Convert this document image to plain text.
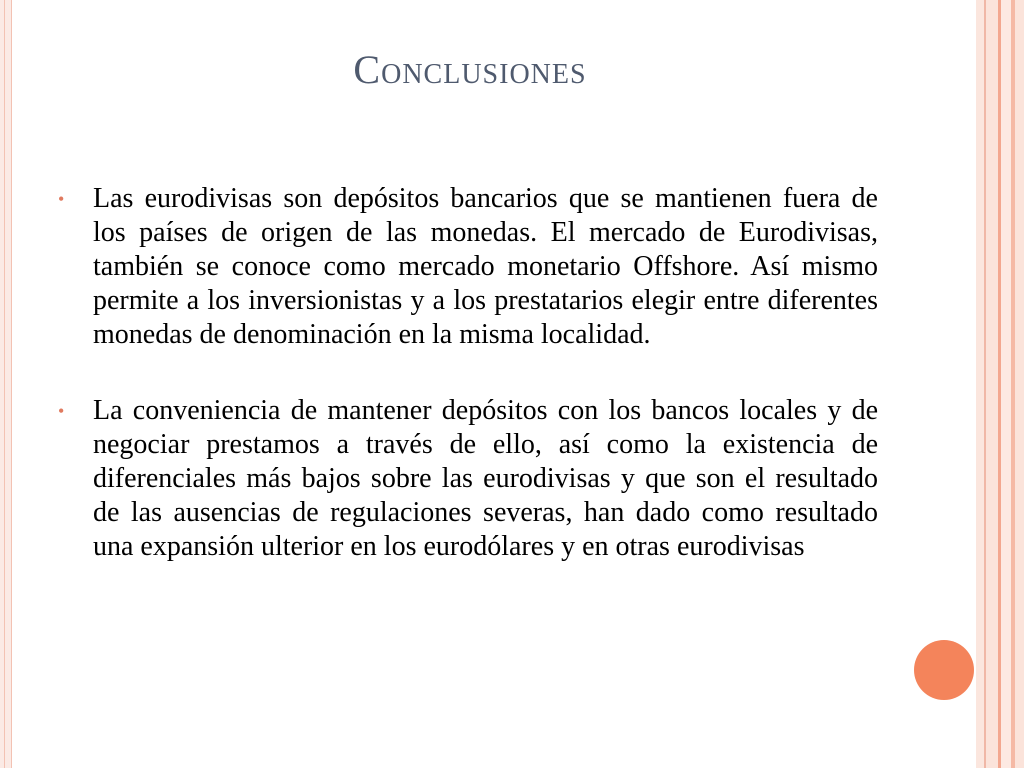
Conclusiones
• Las eurodivisas son depósitos bancarios que se mantienen fuera de los países de origen de las monedas. El mercado de Eurodivisas, también se conoce como mercado monetario Offshore. Así mismo permite a los inversionistas y a los prestatarios elegir entre diferentes monedas de denominación en la misma localidad.
• La conveniencia de mantener depósitos con los bancos locales y de negociar prestamos a través de ello, así como la existencia de diferenciales más bajos sobre las eurodivisas y que son el resultado de las ausencias de regulaciones severas, han dado como resultado una expansión ulterior en los eurodólares y en otras eurodivisas
